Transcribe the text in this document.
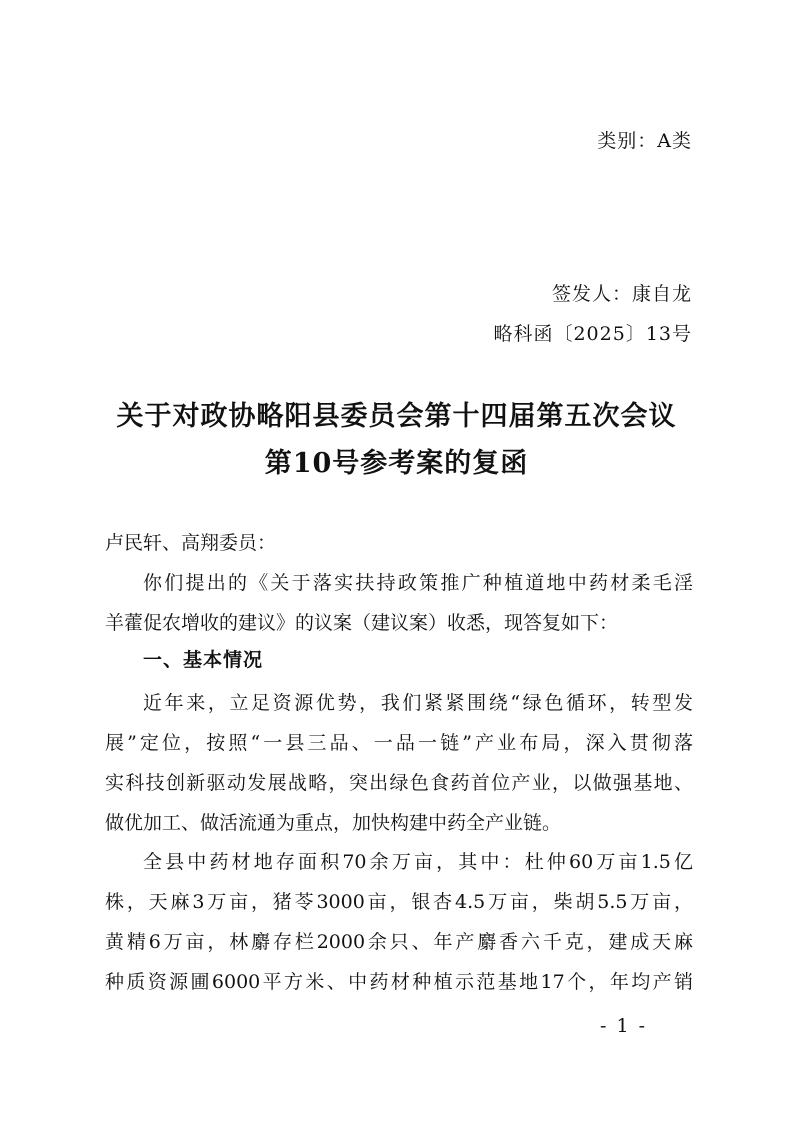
类别：A类
签发人：康自龙
略科函〔2025〕13号
关于对政协略阳县委员会第十四届第五次会议
第10号参考案的复函
卢民轩、高翔委员：
你们提出的《关于落实扶持政策推广种植道地中药材柔毛淫
羊藿促农增收的建议》的议案（建议案）收悉，现答复如下：
一、基本情况
近年来，立足资源优势，我们紧紧围绕“绿色循环，转型发
展”定位，按照“一县三品、一品一链”产业布局，深入贯彻落
实科技创新驱动发展战略，突出绿色食药首位产业，以做强基地、
做优加工、做活流通为重点，加快构建中药全产业链。
全县中药材地存面积70余万亩，其中：杜仲60万亩1.5亿
株，天麻3万亩，猪苓3000亩，银杏4.5万亩，柴胡5.5万亩，
黄精6万亩，林麝存栏2000余只、年产麝香六千克，建成天麻
种质资源圃6000平方米、中药材种植示范基地17个，年均产销
- 1 -
